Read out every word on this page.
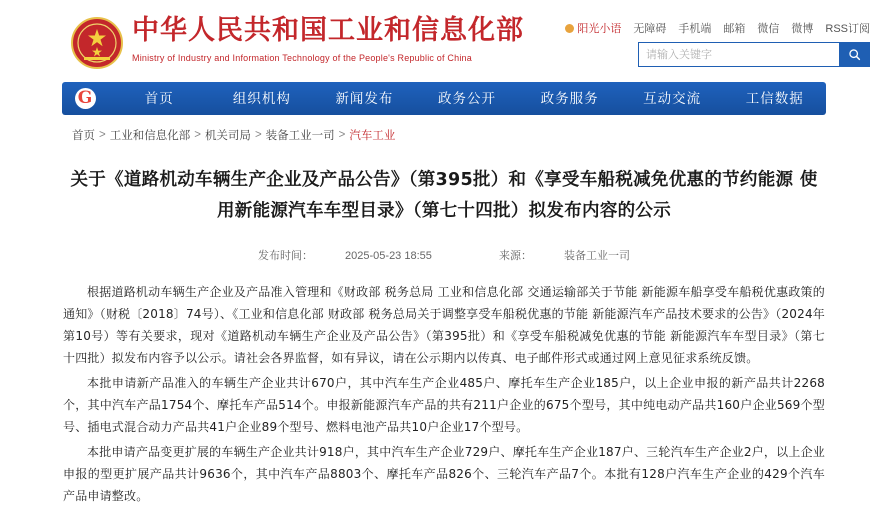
中华人民共和国工业和信息化部
Ministry of Industry and Information Technology of the People's Republic of China
阳光小语 无障碍 手机端 邮箱 微信 微博 RSS订阅
请输入关键字
G	首页	组织机构	新闻发布	政务公开	政务服务	互动交流	工信数据
首页 > 工业和信息化部 > 机关司局 > 装备工业一司 > 汽车工业
关于《道路机动车辆生产企业及产品公告》（第395批）和《享受车船税减免优惠的节约能源 使用新能源汽车车型目录》（第七十四批）拟发布内容的公示
发布时间：	2025-05-23 18:55	来源：	装备工业一司

根据道路机动车辆生产企业及产品准入管理和《财政部 税务总局 工业和信息化部 交通运输部关于节能 新能源车船享受车船税优惠政策的通知》（财税〔2018〕74号）、《工业和信息化部 财政部 税务总局关于调整享受车船税优惠的节能 新能源汽车产品技术要求的公告》（2024年第10号）等有关要求，现对《道路机动车辆生产企业及产品公告》（第395批）和《享受车船税减免优惠的节能 新能源汽车车型目录》（第七十四批）拟发布内容予以公示。请社会各界监督，如有异议，请在公示期内以传真、电子邮件形式或通过网上意见征求系统反馈。

本批申请新产品准入的车辆生产企业共计670户，其中汽车生产企业485户、摩托车生产企业185户，以上企业申报的新产品共计2268个，其中汽车产品1754个、摩托车产品514个。申报新能源汽车产品的共有211户企业的675个型号，其中纯电动产品共160户企业569个型号、插电式混合动力产品共41户企业89个型号、燃料电池产品共10户企业17个型号。

本批申请产品变更扩展的车辆生产企业共计918户，其中汽车生产企业729户、摩托车生产企业187户、三轮汽车生产企业2户，以上企业申报的型更扩展产品共计9636个，其中汽车产品8803个、摩托车产品826个、三轮汽车产品7个。本批有128户汽车生产企业的429个汽车产品申请整改。
